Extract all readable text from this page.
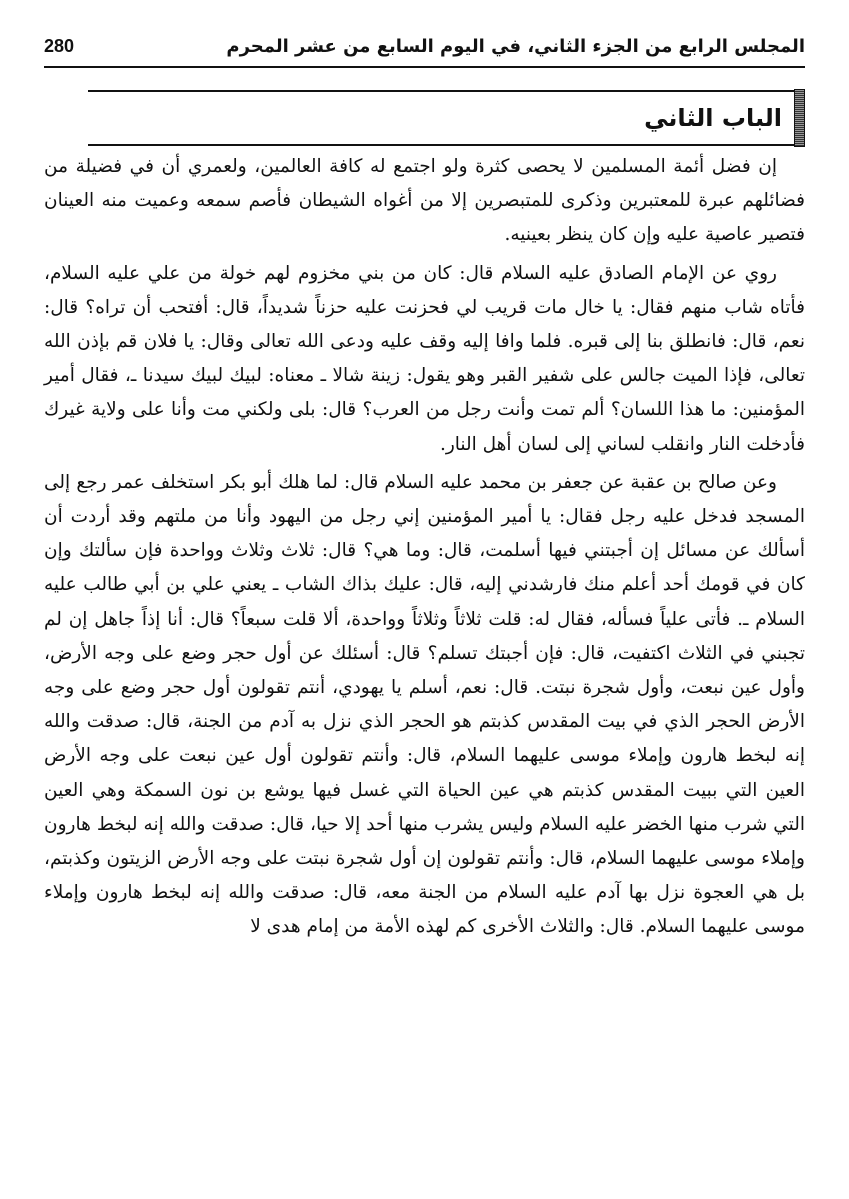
280	المجلس الرابع من الجزء الثاني، في اليوم السابع من عشر المحرم
الباب الثاني

إن فضل أئمة المسلمين لا يحصى كثرة ولو اجتمع له كافة العالمين، ولعمري أن في فضيلة من فضائلهم عبرة للمعتبرين وذكرى للمتبصرين إلا من أغواه الشيطان فأصم سمعه وعميت منه العينان فتصير عاصية عليه وإن كان ينظر بعينيه.

روي عن الإمام الصادق عليه السلام قال: كان من بني مخزوم لهم خولة من علي عليه السلام، فأتاه شاب منهم فقال: يا خال مات قريب لي فحزنت عليه حزناً شديداً، قال: أفتحب أن تراه؟ قال: نعم، قال: فانطلق بنا إلى قبره. فلما وافا إليه وقف عليه ودعى الله تعالى وقال: يا فلان قم بإذن الله تعالى، فإذا الميت جالس على شفير القبر وهو يقول: زينة شالا ـ معناه: لبيك لبيك سيدنا ـ، فقال أمير المؤمنين: ما هذا اللسان؟ ألم تمت وأنت رجل من العرب؟ قال: بلى ولكني مت وأنا على ولاية غيرك فأدخلت النار وانقلب لساني إلى لسان أهل النار.

وعن صالح بن عقبة عن جعفر بن محمد عليه السلام قال: لما هلك أبو بكر استخلف عمر رجع إلى المسجد فدخل عليه رجل فقال: يا أمير المؤمنين إني رجل من اليهود وأنا من ملتهم وقد أردت أن أسألك عن مسائل إن أجبتني فيها أسلمت، قال: وما هي؟ قال: ثلاث وثلاث وواحدة فإن سألتك وإن كان في قومك أحد أعلم منك فارشدني إليه، قال: عليك بذاك الشاب ـ يعني علي بن أبي طالب عليه السلام ـ. فأتى علياً فسأله، فقال له: قلت ثلاثاً وثلاثاً وواحدة، ألا قلت سبعاً؟ قال: أنا إذاً جاهل إن لم تجبني في الثلاث اكتفيت، قال: فإن أجبتك تسلم؟ قال: أسئلك عن أول حجر وضع على وجه الأرض، وأول عين نبعت، وأول شجرة نبتت. قال: نعم، أسلم يا يهودي، أنتم تقولون أول حجر وضع على وجه الأرض الحجر الذي في بيت المقدس كذبتم هو الحجر الذي نزل به آدم من الجنة، قال: صدقت والله إنه لبخط هارون وإملاء موسى عليهما السلام، قال: وأنتم تقولون أول عين نبعت على وجه الأرض العين التي ببيت المقدس كذبتم هي عين الحياة التي غسل فيها يوشع بن نون السمكة وهي العين التي شرب منها الخضر عليه السلام وليس يشرب منها أحد إلا حيا، قال: صدقت والله إنه لبخط هارون وإملاء موسى عليهما السلام، قال: وأنتم تقولون إن أول شجرة نبتت على وجه الأرض الزيتون وكذبتم، بل هي العجوة نزل بها آدم عليه السلام من الجنة معه، قال: صدقت والله إنه لبخط هارون وإملاء موسى عليهما السلام. قال: والثلاث الأخرى كم لهذه الأمة من إمام هدى لا
